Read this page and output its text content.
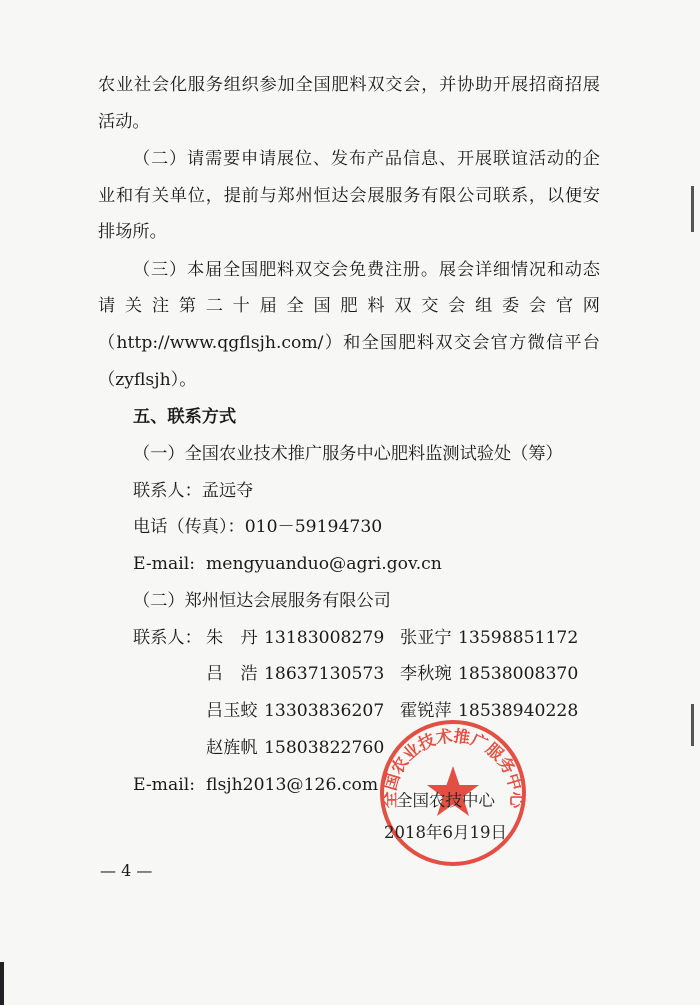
农业社会化服务组织参加全国肥料双交会，并协助开展招商招展
活动。
（二）请需要申请展位、发布产品信息、开展联谊活动的企
业和有关单位，提前与郑州恒达会展服务有限公司联系，以便安
排场所。
（三）本届全国肥料双交会免费注册。展会详细情况和动态
请关注第二十届全国肥料双交会组委会官网
（http://www.qgflsjh.com/）和全国肥料双交会官方微信平台
（zyflsjh）。
五、联系方式
（一）全国农业技术推广服务中心肥料监测试验处（筹）
联系人：孟远夺
电话（传真）：010－59194730
E-mail: mengyuanduo@agri.gov.cn
（二）郑州恒达会展服务有限公司
联系人： 朱　丹 13183008279 张亚宁 13598851172
吕　浩 18637130573 李秋琬 18538008370
吕玉蛟 13303836207 霍锐萍 18538940228
赵旌帆 15803822760
E-mail: flsjh2013@126.com
全国农业技术推广服务中心
全国农技中心
2018年6月19日
— 4 —
